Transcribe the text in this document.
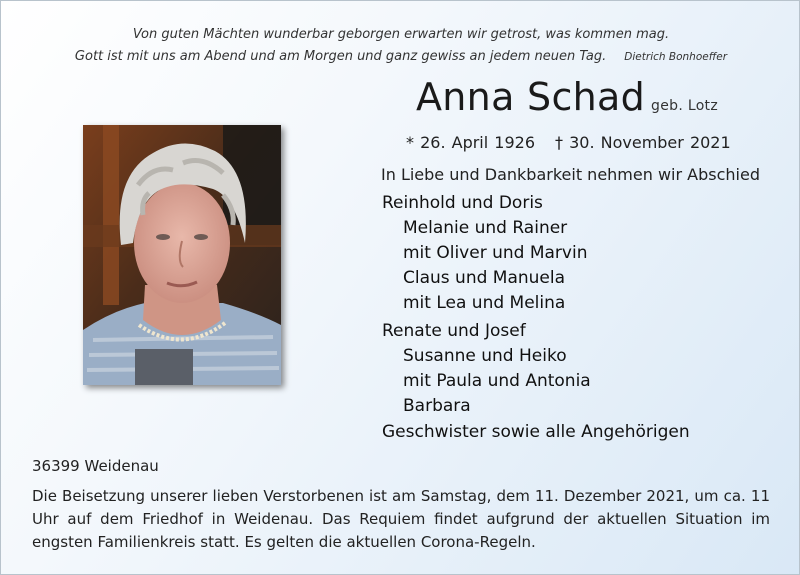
Von guten Mächten wunderbar geborgen erwarten wir getrost, was kommen mag.
Gott ist mit uns am Abend und am Morgen und ganz gewiss an jedem neuen Tag. Dietrich Bonhoeffer
Anna Schad geb. Lotz
* 26. April 1926 † 30. November 2021
In Liebe und Dankbarkeit nehmen wir Abschied
Reinhold und Doris
Melanie und Rainer
mit Oliver und Marvin
Claus und Manuela
mit Lea und Melina
Renate und Josef
Susanne und Heiko
mit Paula und Antonia
Barbara
Geschwister sowie alle Angehörigen
36399 Weidenau
Die Beisetzung unserer lieben Verstorbenen ist am Samstag, dem 11. Dezember 2021, um ca. 11 Uhr auf dem Friedhof in Weidenau. Das Requiem findet aufgrund der aktuellen Situation im engsten Familienkreis statt. Es gelten die aktuellen Corona-Regeln.
